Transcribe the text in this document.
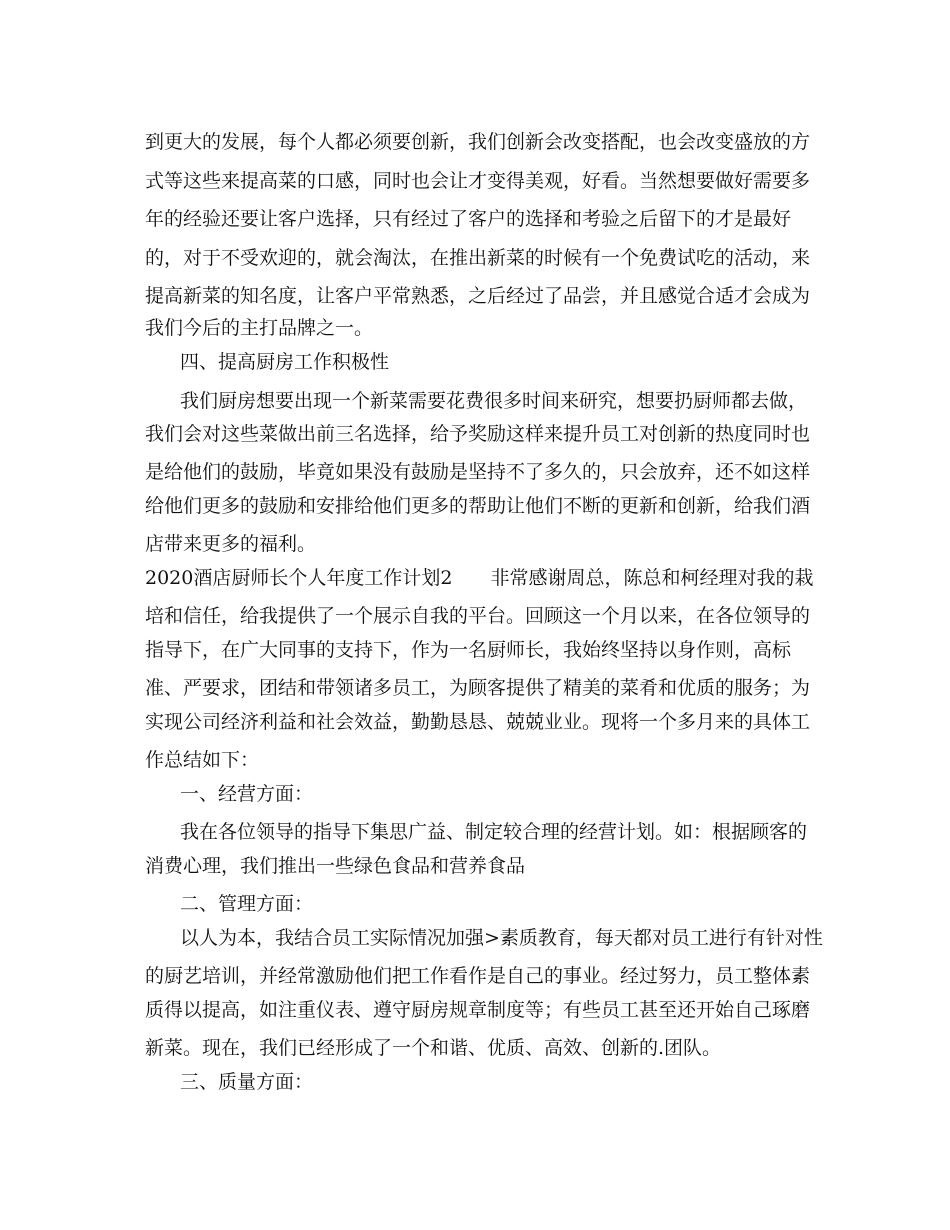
到更大的发展，每个人都必须要创新，我们创新会改变搭配，也会改变盛放的方
式等这些来提高菜的口感，同时也会让才变得美观，好看。当然想要做好需要多
年的经验还要让客户选择，只有经过了客户的选择和考验之后留下的才是最好
的，对于不受欢迎的，就会淘汰，在推出新菜的时候有一个免费试吃的活动，来
提高新菜的知名度，让客户平常熟悉，之后经过了品尝，并且感觉合适才会成为
我们今后的主打品牌之一。
四、提高厨房工作积极性
我们厨房想要出现一个新菜需要花费很多时间来研究，想要扔厨师都去做，
我们会对这些菜做出前三名选择，给予奖励这样来提升员工对创新的热度同时也
是给他们的鼓励，毕竟如果没有鼓励是坚持不了多久的，只会放弃，还不如这样
给他们更多的鼓励和安排给他们更多的帮助让他们不断的更新和创新，给我们酒
店带来更多的福利。
2020酒店厨师长个人年度工作计划2　　非常感谢周总，陈总和柯经理对我的栽
培和信任，给我提供了一个展示自我的平台。回顾这一个月以来，在各位领导的
指导下，在广大同事的支持下，作为一名厨师长，我始终坚持以身作则，高标
准、严要求，团结和带领诸多员工，为顾客提供了精美的菜肴和优质的服务；为
实现公司经济利益和社会效益，勤勤恳恳、兢兢业业。现将一个多月来的具体工
作总结如下：
一、经营方面：
我在各位领导的指导下集思广益、制定较合理的经营计划。如：根据顾客的
消费心理，我们推出一些绿色食品和营养食品
二、管理方面：
以人为本，我结合员工实际情况加强>素质教育，每天都对员工进行有针对性
的厨艺培训，并经常激励他们把工作看作是自己的事业。经过努力，员工整体素
质得以提高，如注重仪表、遵守厨房规章制度等；有些员工甚至还开始自己琢磨
新菜。现在，我们已经形成了一个和谐、优质、高效、创新的.团队。
三、质量方面：
